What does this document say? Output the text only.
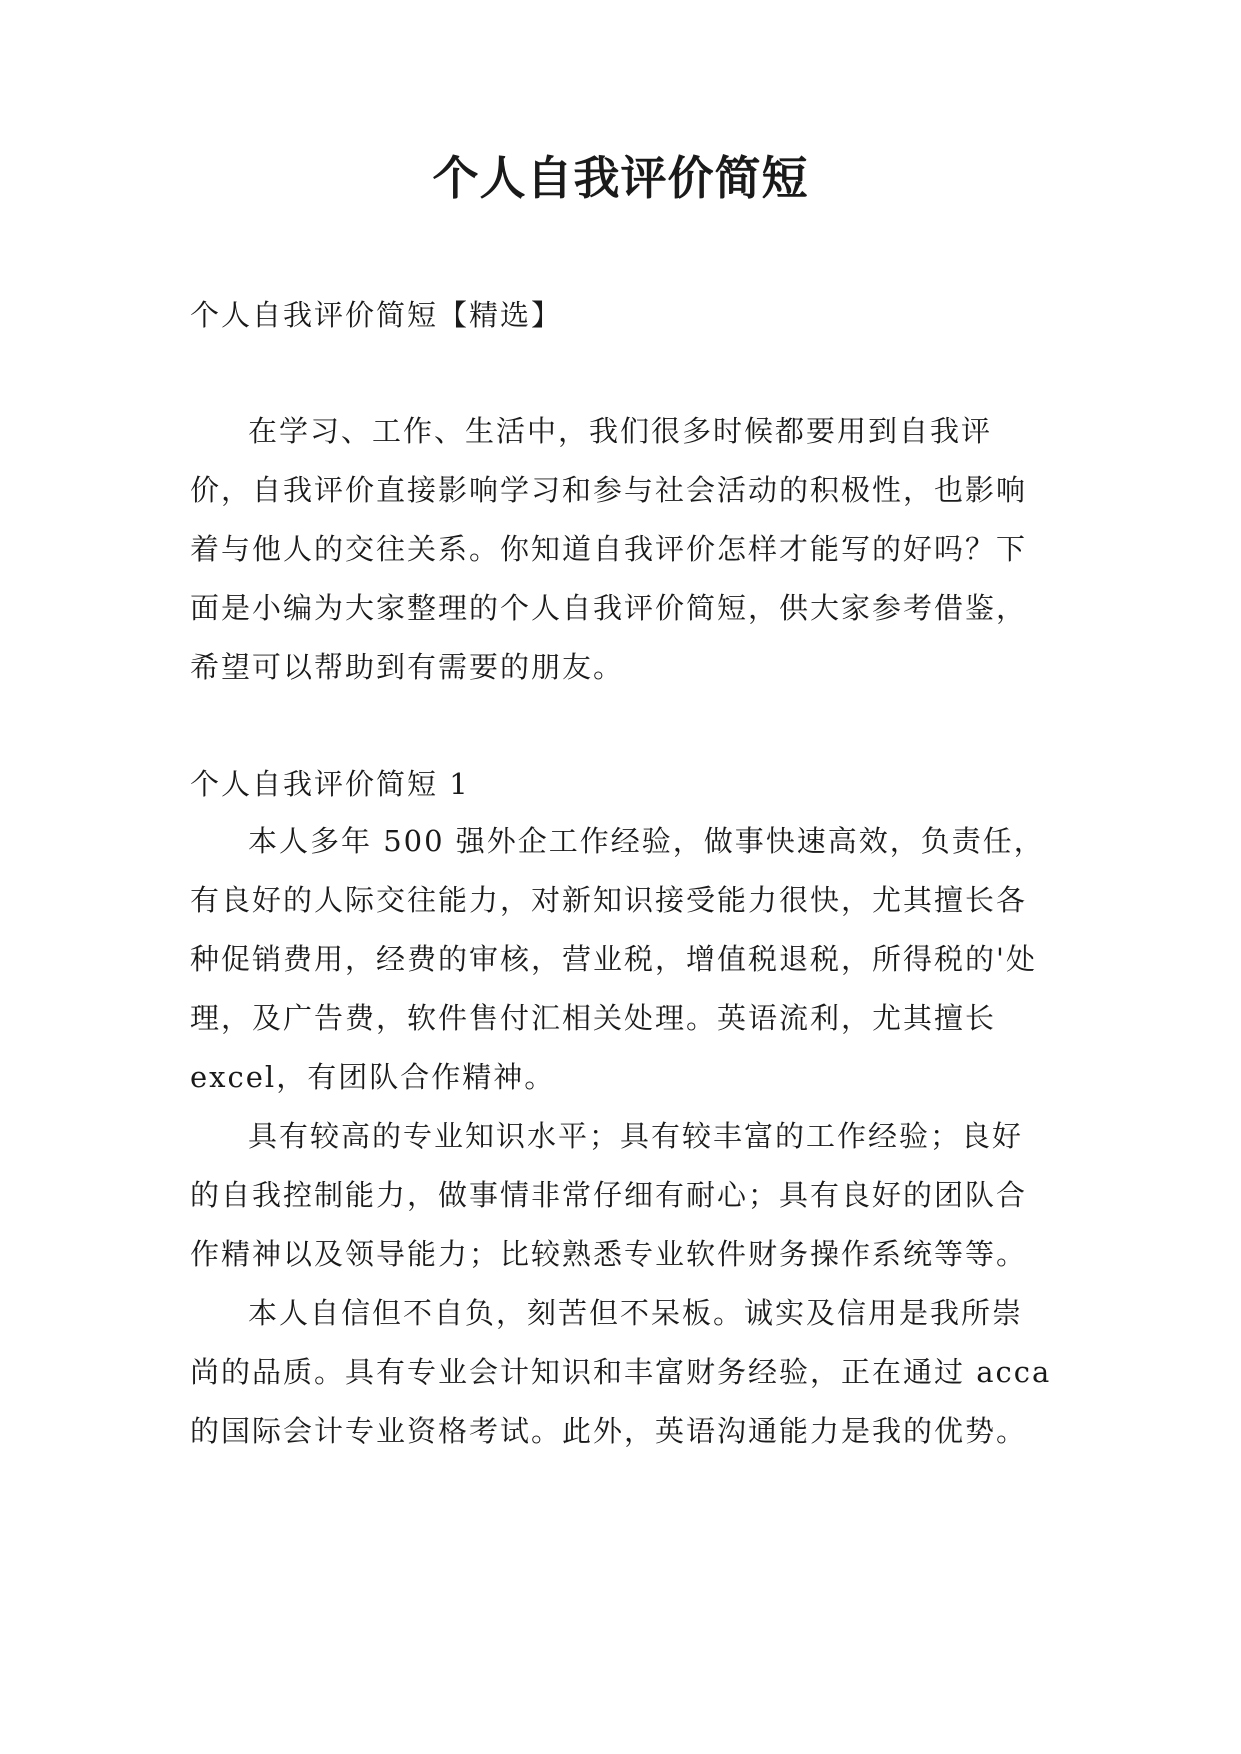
个人自我评价简短
个人自我评价简短【精选】

在学习、工作、生活中，我们很多时候都要用到自我评价，自我评价直接影响学习和参与社会活动的积极性，也影响着与他人的交往关系。你知道自我评价怎样才能写的好吗？下面是小编为大家整理的个人自我评价简短，供大家参考借鉴，希望可以帮助到有需要的朋友。

个人自我评价简短 1

本人多年 500 强外企工作经验，做事快速高效，负责任，有良好的人际交往能力，对新知识接受能力很快，尤其擅长各种促销费用，经费的审核，营业税，增值税退税，所得税的'处理，及广告费，软件售付汇相关处理。英语流利，尤其擅长 excel，有团队合作精神。

具有较高的专业知识水平；具有较丰富的工作经验；良好的自我控制能力，做事情非常仔细有耐心；具有良好的团队合作精神以及领导能力；比较熟悉专业软件财务操作系统等等。

本人自信但不自负，刻苦但不呆板。诚实及信用是我所崇尚的品质。具有专业会计知识和丰富财务经验，正在通过 acca 的国际会计专业资格考试。此外，英语沟通能力是我的优势。
